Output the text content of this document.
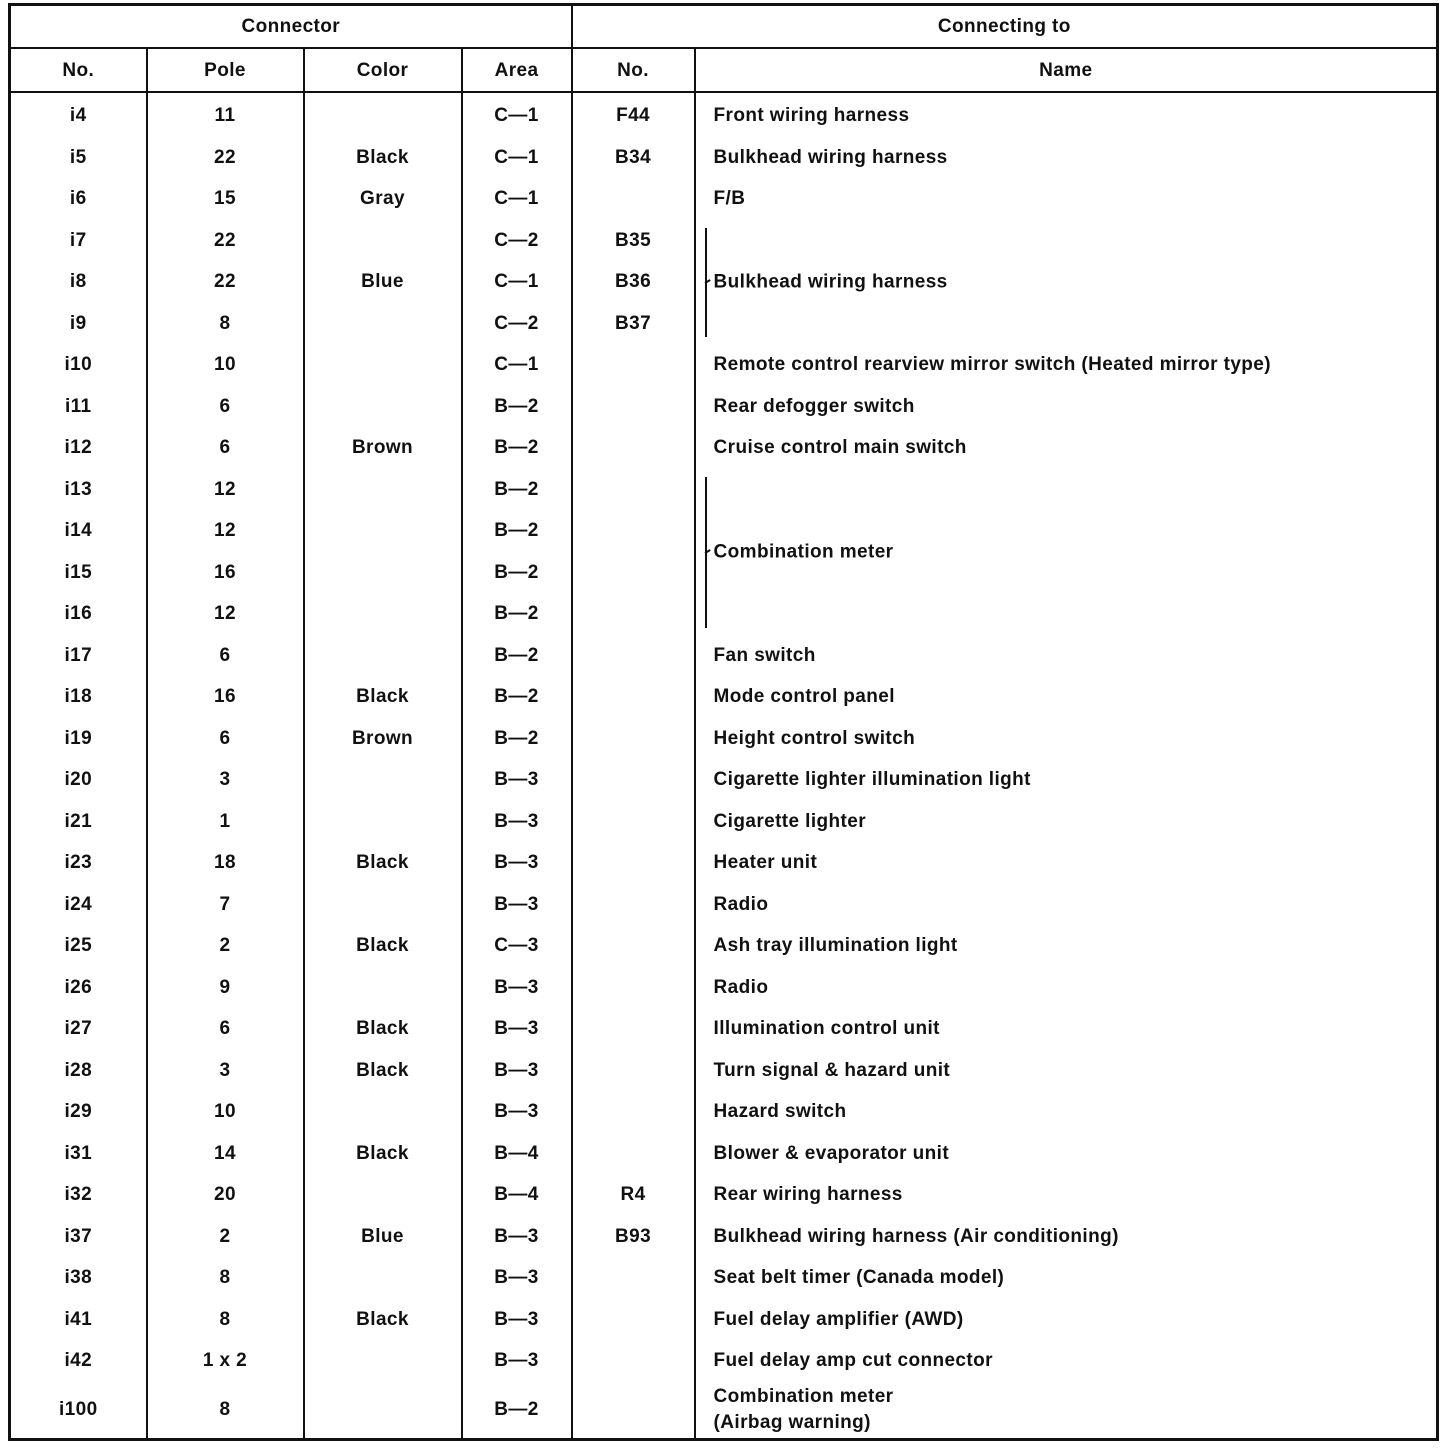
Connector				Connecting to	
No.	Pole	Color	Area	No.	Name
i4	11		C—1	F44	Front wiring harness
i5	22	Black	C—1	B34	Bulkhead wiring harness
i6	15	Gray	C—1		F/B
i7	22		C—2	B35	Bulkhead wiring harness

i8	22	Blue	C—1	B36	
i9	8		C—2	B37	
i10	10		C—1		Remote control rearview mirror switch (Heated mirror type)
i11	6		B—2		Rear defogger switch
i12	6	Brown	B—2		Cruise control main switch
i13	12		B—2		Combination meter

i14	12		B—2		
i15	16		B—2		
i16	12		B—2		
i17	6		B—2		Fan switch
i18	16	Black	B—2		Mode control panel
i19	6	Brown	B—2		Height control switch
i20	3		B—3		Cigarette lighter illumination light
i21	1		B—3		Cigarette lighter
i23	18	Black	B—3		Heater unit
i24	7		B—3		Radio
i25	2	Black	C—3		Ash tray illumination light
i26	9		B—3		Radio
i27	6	Black	B—3		Illumination control unit
i28	3	Black	B—3		Turn signal & hazard unit
i29	10		B—3		Hazard switch
i31	14	Black	B—4		Blower & evaporator unit
i32	20		B—4	R4	Rear wiring harness
i37	2	Blue	B—3	B93	Bulkhead wiring harness (Air conditioning)
i38	8		B—3		Seat belt timer (Canada model)
i41	8	Black	B—3		Fuel delay amplifier (AWD)
i42	1 x 2		B—3		Fuel delay amp cut connector
i100	8		B—2		Combination meter
(Airbag warning)
